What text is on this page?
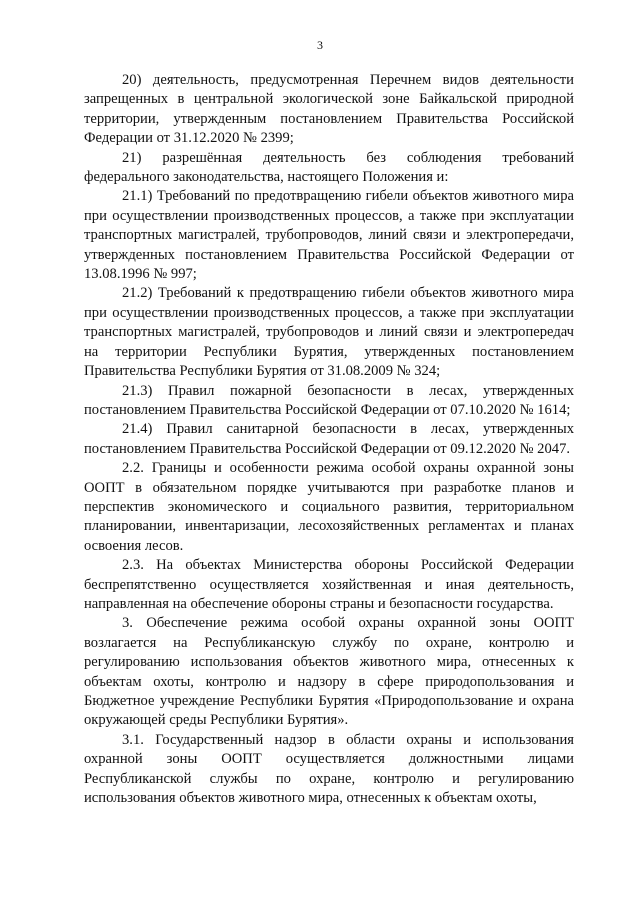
3

20) деятельность, предусмотренная Перечнем видов деятельности запрещенных в центральной экологической зоне Байкальской природной территории, утвержденным постановлением Правительства Российской Федерации от 31.12.2020 № 2399;

21) разрешённая деятельность без соблюдения требований федерального законодательства, настоящего Положения и:

21.1) Требований по предотвращению гибели объектов животного мира при осуществлении производственных процессов, а также при эксплуатации транспортных магистралей, трубопроводов, линий связи и электропередачи, утвержденных постановлением Правительства Российской Федерации от 13.08.1996 № 997;

21.2) Требований к предотвращению гибели объектов животного мира при осуществлении производственных процессов, а также при эксплуатации транспортных магистралей, трубопроводов и линий связи и электропередач на территории Республики Бурятия, утвержденных постановлением Правительства Республики Бурятия от 31.08.2009 № 324;

21.3) Правил пожарной безопасности в лесах, утвержденных постановлением Правительства Российской Федерации от 07.10.2020 № 1614;

21.4) Правил санитарной безопасности в лесах, утвержденных постановлением Правительства Российской Федерации от 09.12.2020 № 2047.

2.2. Границы и особенности режима особой охраны охранной зоны ООПТ в обязательном порядке учитываются при разработке планов и перспектив экономического и социального развития, территориальном планировании, инвентаризации, лесохозяйственных регламентах и планах освоения лесов.

2.3. На объектах Министерства обороны Российской Федерации беспрепятственно осуществляется хозяйственная и иная деятельность, направленная на обеспечение обороны страны и безопасности государства.

3. Обеспечение режима особой охраны охранной зоны ООПТ возлагается на Республиканскую службу по охране, контролю и регулированию использования объектов животного мира, отнесенных к объектам охоты, контролю и надзору в сфере природопользования и Бюджетное учреждение Республики Бурятия «Природопользование и охрана окружающей среды Республики Бурятия».

3.1. Государственный надзор в области охраны и использования охранной зоны ООПТ осуществляется должностными лицами Республиканской службы по охране, контролю и регулированию использования объектов животного мира, отнесенных к объектам охоты,
